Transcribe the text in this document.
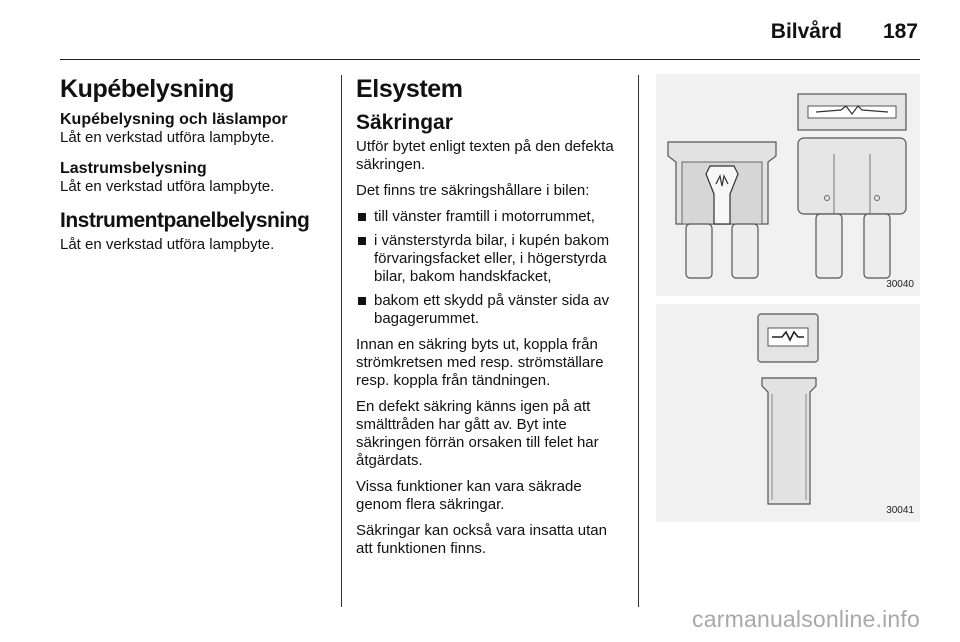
Bilvård 187
Kupébelysning
Kupébelysning och läslampor

Låt en verkstad utföra lampbyte.

Lastrumsbelysning

Låt en verkstad utföra lampbyte.

Instrumentpanelbelysning

Låt en verkstad utföra lampbyte.

Elsystem
Säkringar

Utför bytet enligt texten på den defekta säkringen.

Det finns tre säkringshållare i bilen:

till vänster framtill i motorrummet,
i vänsterstyrda bilar, i kupén bakom förvaringsfacket eller, i högerstyrda bilar, bakom handskfacket,
bakom ett skydd på vänster sida av bagagerummet.

Innan en säkring byts ut, koppla från strömkretsen med resp. strömställare resp. koppla från tändningen.

En defekt säkring känns igen på att smälttråden har gått av. Byt inte säkringen förrän orsaken till felet har åtgärdats.

Vissa funktioner kan vara säkrade genom flera säkringar.

Säkringar kan också vara insatta utan att funktionen finns.

30040
30041
carmanualsonline.info
